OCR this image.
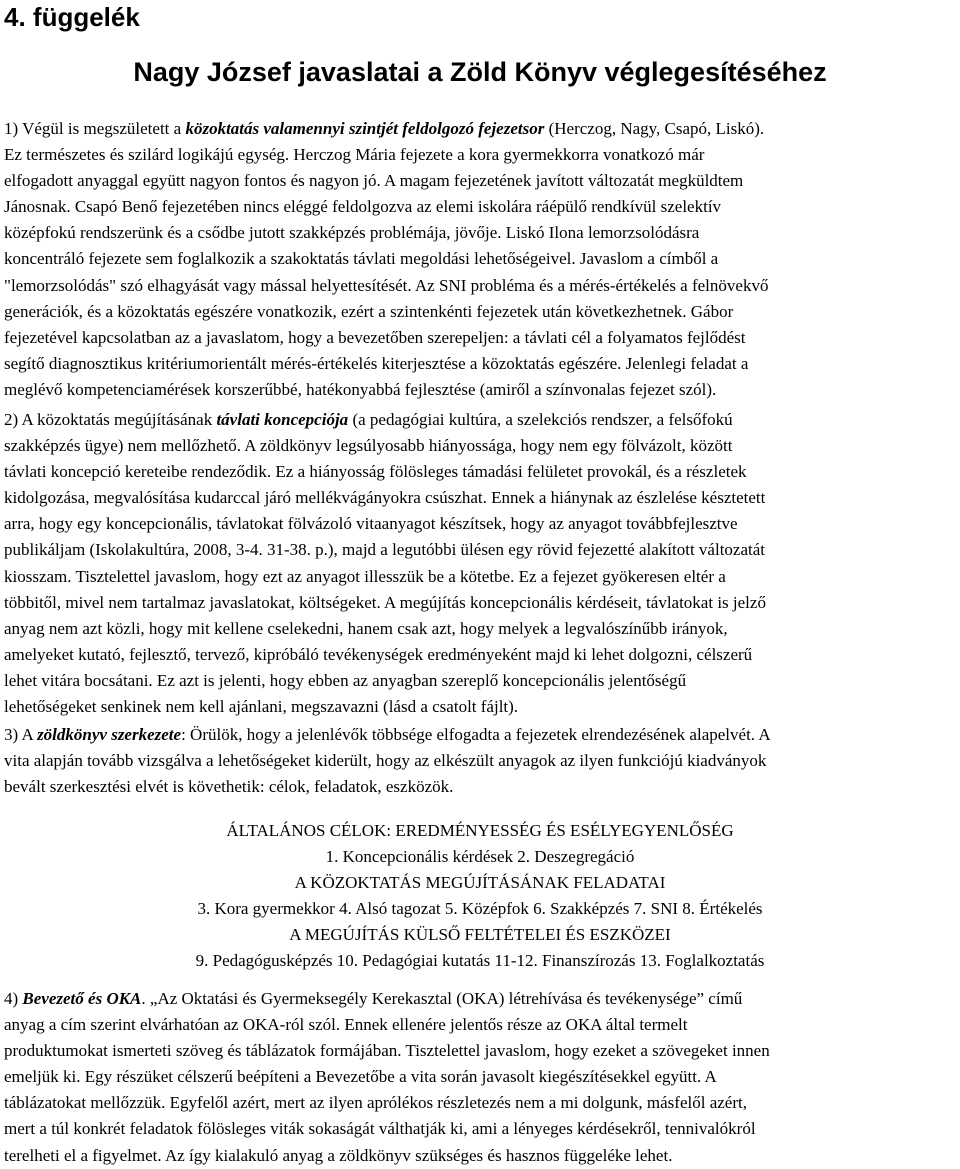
4. függelék
Nagy József javaslatai a Zöld Könyv véglegesítéséhez

1) Végül is megszületett a közoktatás valamennyi szintjét feldolgozó fejezetsor (Herczog, Nagy, Csapó, Liskó).
Ez természetes és szilárd logikájú egység. Herczog Mária fejezete a kora gyermekkorra vonatkozó már
elfogadott anyaggal együtt nagyon fontos és nagyon jó. A magam fejezetének javított változatát megküldtem
Jánosnak. Csapó Benő fejezetében nincs eléggé feldolgozva az elemi iskolára ráépülő rendkívül szelektív
középfokú rendszerünk és a csődbe jutott szakképzés problémája, jövője. Liskó Ilona lemorzsolódásra
koncentráló fejezete sem foglalkozik a szakoktatás távlati megoldási lehetőségeivel. Javaslom a címből a
"lemorzsolódás" szó elhagyását vagy mással helyettesítését. Az SNI probléma és a mérés-értékelés a felnövekvő
generációk, és a közoktatás egészére vonatkozik, ezért a szintenkénti fejezetek után következhetnek. Gábor
fejezetével kapcsolatban az a javaslatom, hogy a bevezetőben szerepeljen: a távlati cél a folyamatos fejlődést
segítő diagnosztikus kritériumorientált mérés-értékelés kiterjesztése a közoktatás egészére. Jelenlegi feladat a
meglévő kompetenciamérések korszerűbbé, hatékonyabbá fejlesztése (amiről a színvonalas fejezet szól).

2) A közoktatás megújításának távlati koncepciója (a pedagógiai kultúra, a szelekciós rendszer, a felsőfokú
szakképzés ügye) nem mellőzhető. A zöldkönyv legsúlyosabb hiányossága, hogy nem egy fölvázolt, között
távlati koncepció kereteibe rendeződik. Ez a hiányosság fölösleges támadási felületet provokál, és a részletek
kidolgozása, megvalósítása kudarccal járó mellékvágányokra csúszhat. Ennek a hiánynak az észlelése késztetett
arra, hogy egy koncepcionális, távlatokat fölvázoló vitaanyagot készítsek, hogy az anyagot továbbfejlesztve
publikáljam (Iskolakultúra, 2008, 3-4. 31-38. p.), majd a legutóbbi ülésen egy rövid fejezetté alakított változatát
kiosszam. Tisztelettel javaslom, hogy ezt az anyagot illesszük be a kötetbe. Ez a fejezet gyökeresen eltér a
többitől, mivel nem tartalmaz javaslatokat, költségeket. A megújítás koncepcionális kérdéseit, távlatokat is jelző
anyag nem azt közli, hogy mit kellene cselekedni, hanem csak azt, hogy melyek a legvalószínűbb irányok,
amelyeket kutató, fejlesztő, tervező, kipróbáló tevékenységek eredményeként majd ki lehet dolgozni, célszerű
lehet vitára bocsátani. Ez azt is jelenti, hogy ebben az anyagban szereplő koncepcionális jelentőségű
lehetőségeket senkinek nem kell ajánlani, megszavazni (lásd a csatolt fájlt).

3) A zöldkönyv szerkezete: Örülök, hogy a jelenlévők többsége elfogadta a fejezetek elrendezésének alapelvét. A
vita alapján tovább vizsgálva a lehetőségeket kiderült, hogy az elkészült anyagok az ilyen funkciójú kiadványok
bevált szerkesztési elvét is követhetik: célok, feladatok, eszközök.

ÁLTALÁNOS CÉLOK: EREDMÉNYESSÉG ÉS ESÉLYEGYENLŐSÉG
1. Koncepcionális kérdések 2. Deszegregáció
A KÖZOKTATÁS MEGÚJÍTÁSÁNAK FELADATAI
3. Kora gyermekkor 4. Alsó tagozat 5. Középfok 6. Szakképzés 7. SNI 8. Értékelés
A MEGÚJÍTÁS KÜLSŐ FELTÉTELEI ÉS ESZKÖZEI
9. Pedagógusképzés 10. Pedagógiai kutatás 11-12. Finanszírozás 13. Foglalkoztatás

4) Bevezető és OKA. „Az Oktatási és Gyermeksegély Kerekasztal (OKA) létrehívása és tevékenysége” című
anyag a cím szerint elvárhatóan az OKA-ról szól. Ennek ellenére jelentős része az OKA által termelt
produktumokat ismerteti szöveg és táblázatok formájában. Tisztelettel javaslom, hogy ezeket a szövegeket innen
emeljük ki. Egy részüket célszerű beépíteni a Bevezetőbe a vita során javasolt kiegészítésekkel együtt. A
táblázatokat mellőzzük. Egyfelől azért, mert az ilyen aprólékos részletezés nem a mi dolgunk, másfelől azért,
mert a túl konkrét feladatok fölösleges viták sokaságát válthatják ki, ami a lényeges kérdésekről, tennivalókról
terelheti el a figyelmet. Az így kialakuló anyag a zöldkönyv szükséges és hasznos függeléke lehet.
